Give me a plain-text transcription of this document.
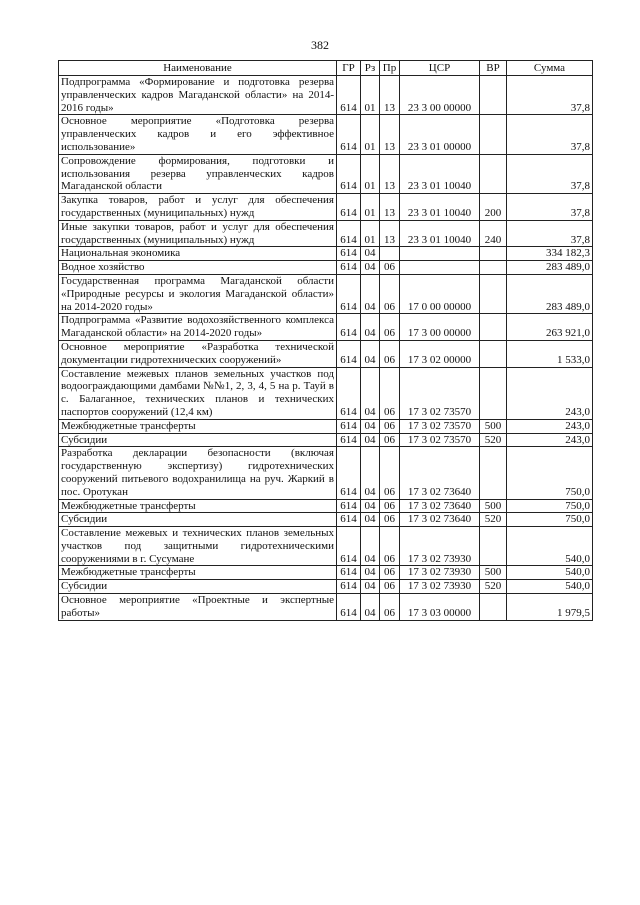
382
Наименование	ГР	Рз	Пр	ЦСР	ВР	Сумма
Подпрограмма «Формирование и подготовка резерва управленческих кадров Магаданской области» на 2014-2016 годы»	614	01	13	23 3 00 00000		37,8
Основное мероприятие «Подготовка резерва управленческих кадров и его эффективное использование»	614	01	13	23 3 01 00000		37,8
Сопровождение формирования, подготовки и использования резерва управленческих кадров Магаданской области	614	01	13	23 3 01 10040		37,8
Закупка товаров, работ и услуг для обеспечения государственных (муниципальных) нужд	614	01	13	23 3 01 10040	200	37,8
Иные закупки товаров, работ и услуг для обеспечения государственных (муниципальных) нужд	614	01	13	23 3 01 10040	240	37,8
Национальная экономика	614	04				334 182,3
Водное хозяйство	614	04	06			283 489,0
Государственная программа Магаданской области «Природные ресурсы и экология Магаданской области» на 2014-2020 годы»	614	04	06	17 0 00 00000		283 489,0
Подпрограмма «Развитие водохозяйственного комплекса Магаданской области» на 2014-2020 годы»	614	04	06	17 3 00 00000		263 921,0
Основное мероприятие «Разработка технической документации гидротехнических сооружений»	614	04	06	17 3 02 00000		1 533,0
Составление межевых планов земельных участков под водоограждающими дамбами №№1, 2, 3, 4, 5 на р. Тауй в с. Балаганное, технических планов и технических паспортов сооружений (12,4 км)	614	04	06	17 3 02 73570		243,0
Межбюджетные трансферты	614	04	06	17 3 02 73570	500	243,0
Субсидии	614	04	06	17 3 02 73570	520	243,0
Разработка декларации безопасности (включая государственную экспертизу) гидротехнических сооружений питьевого водохранилища на руч. Жаркий в пос. Оротукан	614	04	06	17 3 02 73640		750,0
Межбюджетные трансферты	614	04	06	17 3 02 73640	500	750,0
Субсидии	614	04	06	17 3 02 73640	520	750,0
Составление межевых и технических планов земельных участков под защитными гидротехническими сооружениями в г. Сусумане	614	04	06	17 3 02 73930		540,0
Межбюджетные трансферты	614	04	06	17 3 02 73930	500	540,0
Субсидии	614	04	06	17 3 02 73930	520	540,0
Основное мероприятие «Проектные и экспертные работы»	614	04	06	17 3 03 00000		1 979,5
